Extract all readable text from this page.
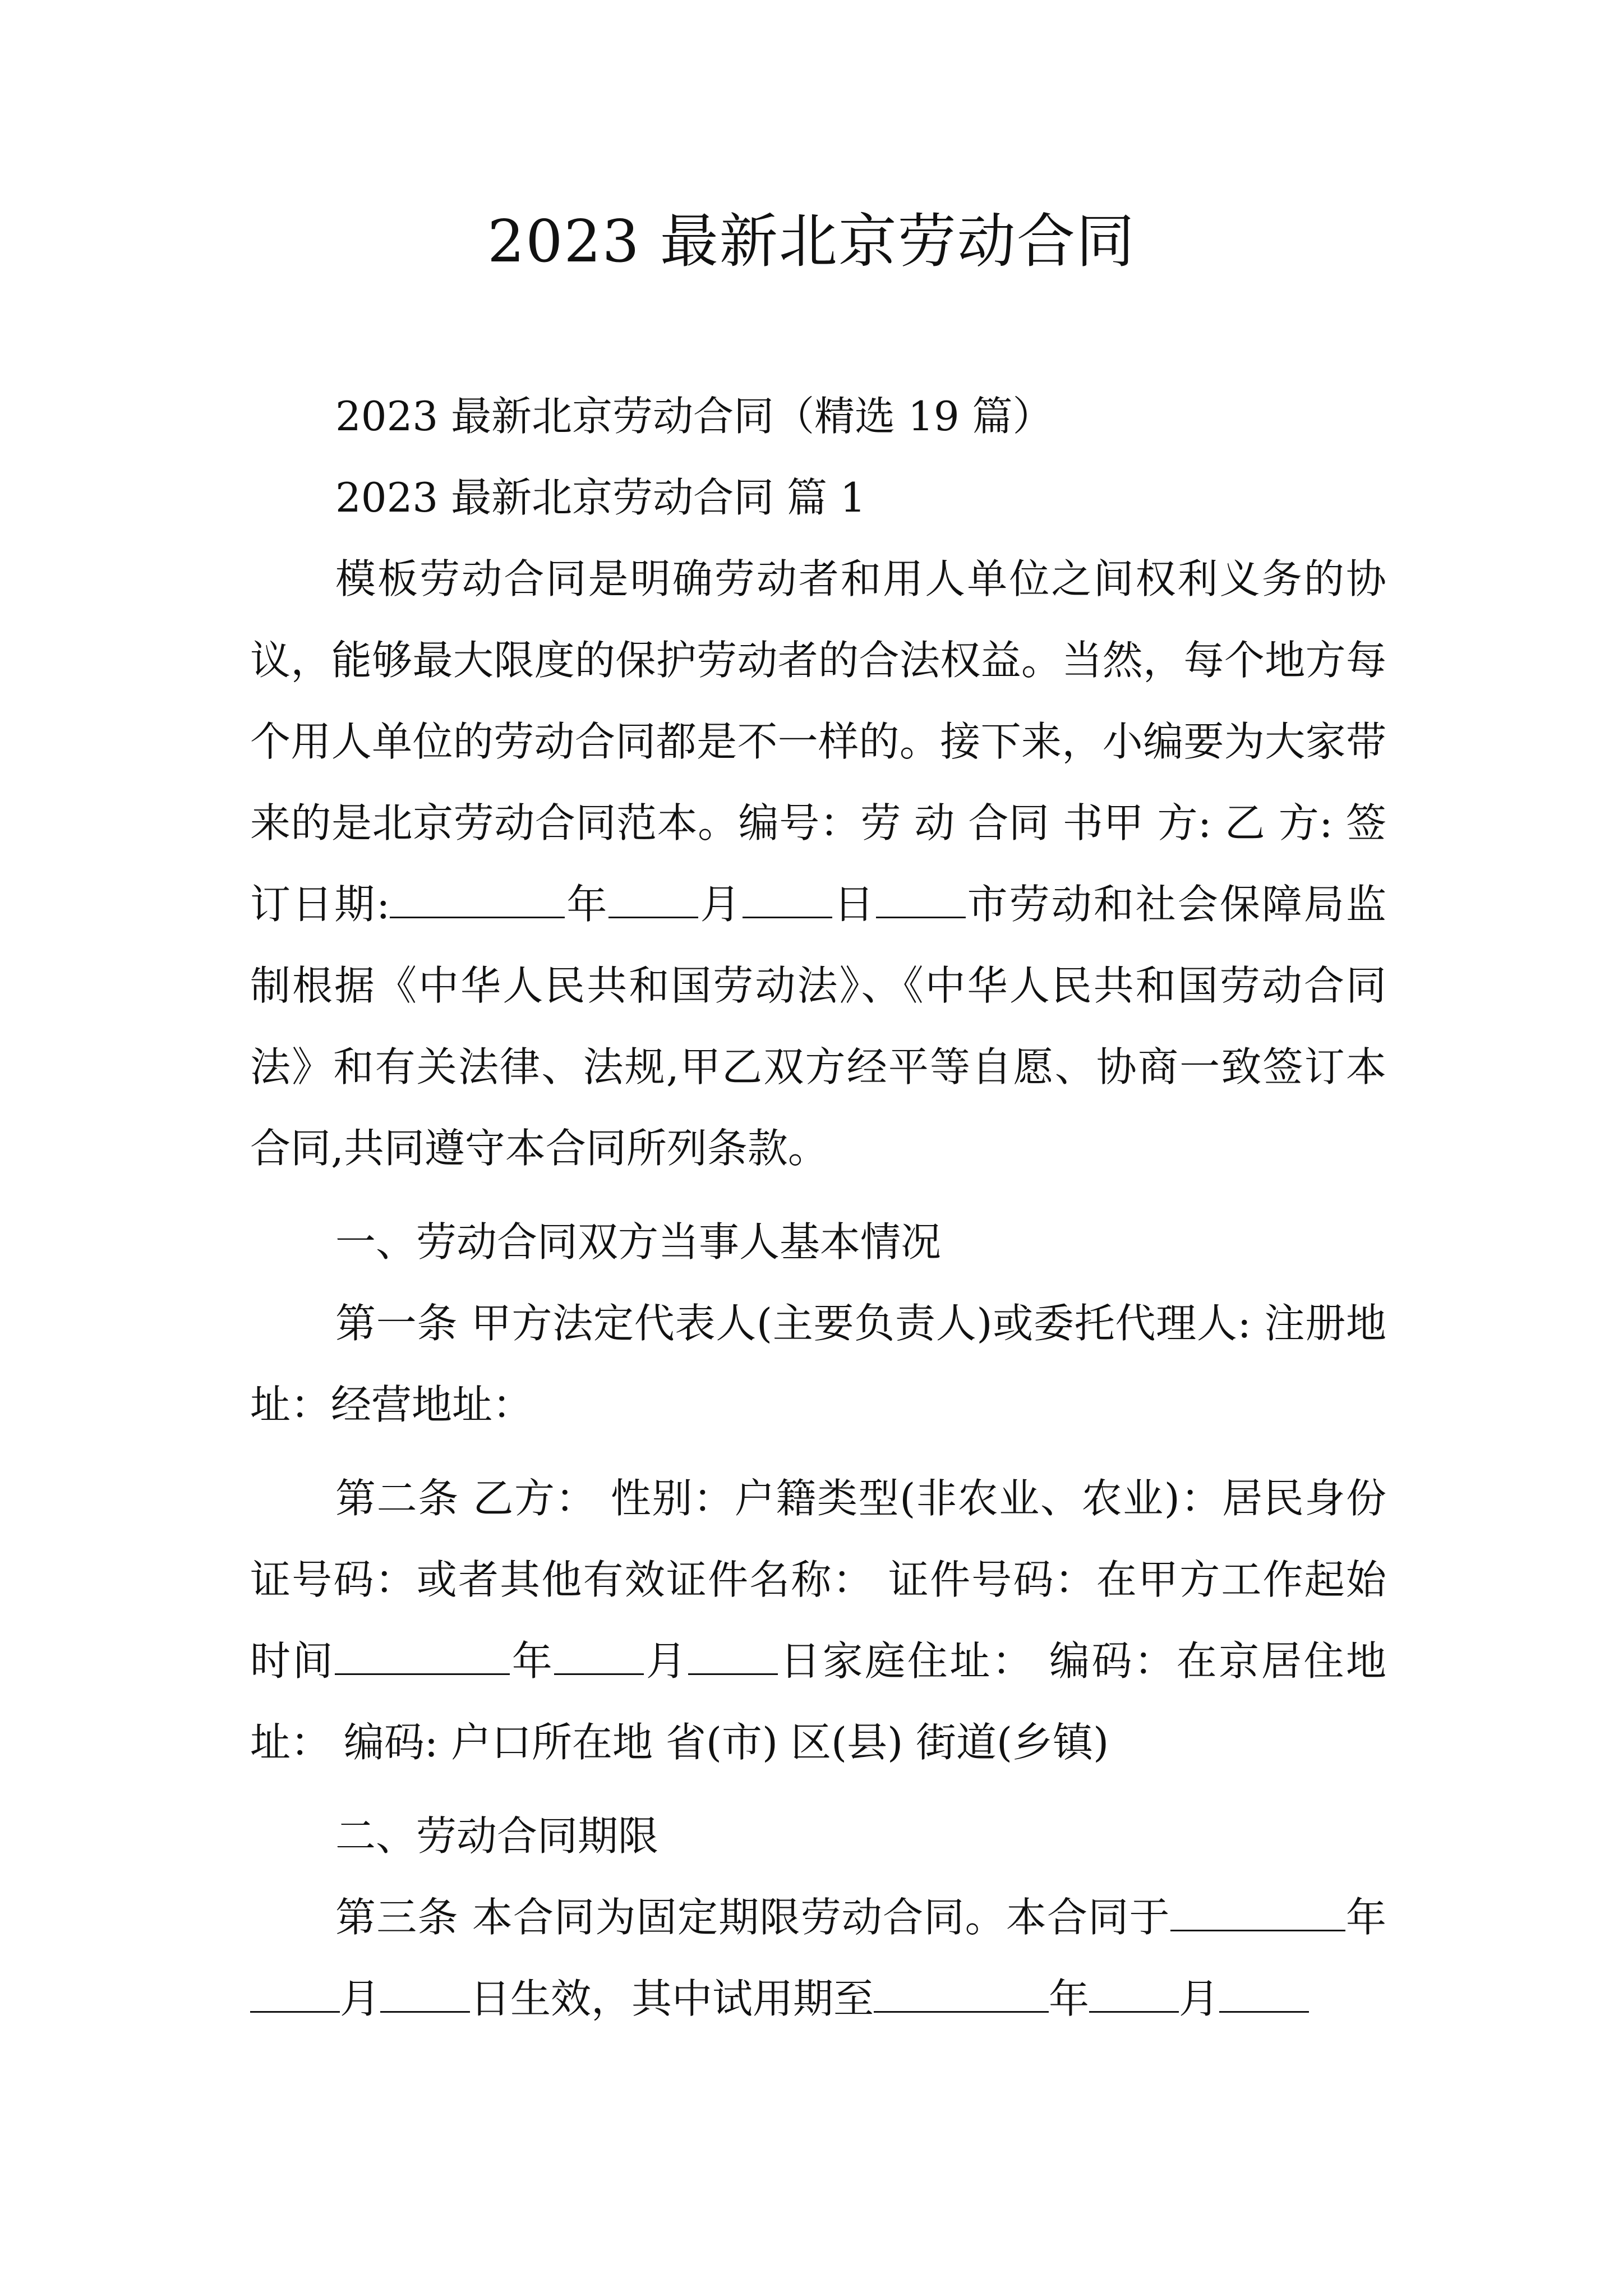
2023 最新北京劳动合同

2023 最新北京劳动合同（精选 19 篇）

2023 最新北京劳动合同 篇 1

模板劳动合同是明确劳动者和用人单位之间权利义务的协议，能够最大限度的保护劳动者的合法权益。当然，每个地方每个用人单位的劳动合同都是不一样的。接下来，小编要为大家带来的是北京劳动合同范本。编号：劳 动 合同 书甲 方: 乙 方: 签订日期:	年 月 日 市劳动和社会保障局监制根据《中华人民共和国劳动法》、《中华人民共和国劳动合同法》和有关法律、法规,甲乙双方经平等自愿、协商一致签订本合同,共同遵守本合同所列条款。

一、劳动合同双方当事人基本情况

第一条 甲方法定代表人(主要负责人)或委托代理人: 注册地址：经营地址：

第二条 乙方： 性别：户籍类型(非农业、农业)：居民身份证号码：或者其他有效证件名称： 证件号码：在甲方工作起始时间	年 月 日家庭住址： 编码：在京居住地址： 编码: 户口所在地 省(市) 区(县) 街道(乡镇)

二、劳动合同期限

第三条 本合同为固定期限劳动合同。本合同于	年月 日生效，其中试用期至	年 月
